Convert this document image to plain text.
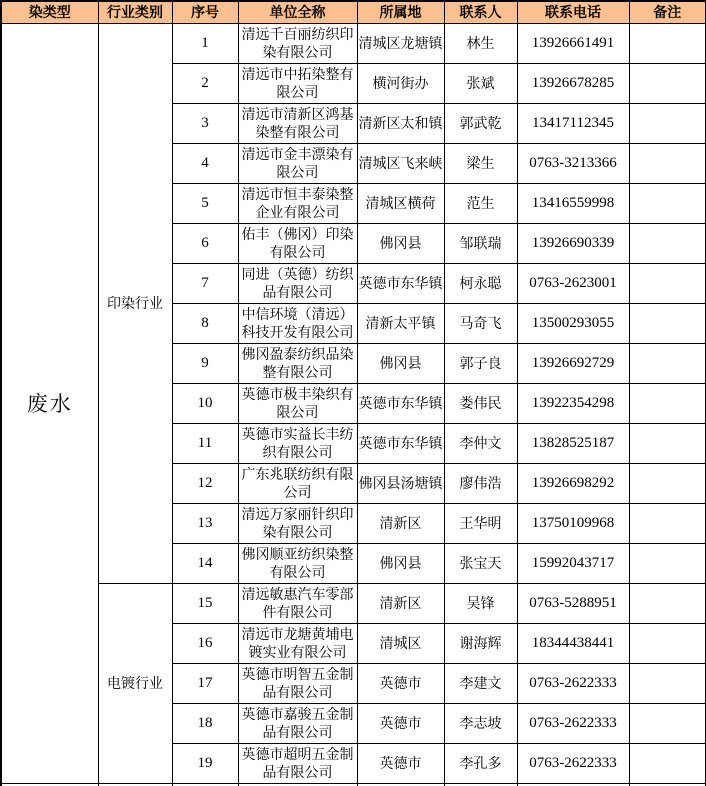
染类型	行业类别	序号	单位全称	所属地	联系人	联系电话	备注
废水	印染行业	1	清远千百丽纺织印染有限公司	清城区龙塘镇	林生	13926661491	
		2	清远市中拓染整有限公司	横河街办	张斌	13926678285	
		3	清远市清新区鸿基染整有限公司	清新区太和镇	郭武乾	13417112345	
		4	清远市金丰漂染有限公司	清城区飞来峡	梁生	0763-3213366	
		5	清远市恒丰泰染整企业有限公司	清城区横荷	范生	13416559998	
		6	佑丰（佛冈）印染有限公司	佛冈县	邹联瑞	13926690339	
		7	同进（英德）纺织品有限公司	英德市东华镇	柯永聪	0763-2623001	
		8	中信环境（清远）科技开发有限公司	清新太平镇	马奇飞	13500293055	
		9	佛冈盈泰纺织品染整有限公司	佛冈县	郭子良	13926692729	
		10	英德市极丰染织有限公司	英德市东华镇	娄伟民	13922354298	
		11	英德市实益长丰纺织有限公司	英德市东华镇	李仲文	13828525187	
		12	广东兆联纺织有限公司	佛冈县汤塘镇	廖伟浩	13926698292	
		13	清远万家丽针织印染有限公司	清新区	王华明	13750109968	
		14	佛冈顺亚纺织染整有限公司	佛冈县	张宝天	15992043717	
	电镀行业	15	清远敏惠汽车零部件有限公司	清新区	吴锋	0763-5288951	
		16	清远市龙塘黄埔电镀实业有限公司	清城区	谢海辉	18344438441	
		17	英德市明智五金制品有限公司	英德市	李建文	0763-2622333	
		18	英德市嘉骏五金制品有限公司	英德市	李志坡	0763-2622333	
		19	英德市超明五金制品有限公司	英德市	李孔多	0763-2622333	
